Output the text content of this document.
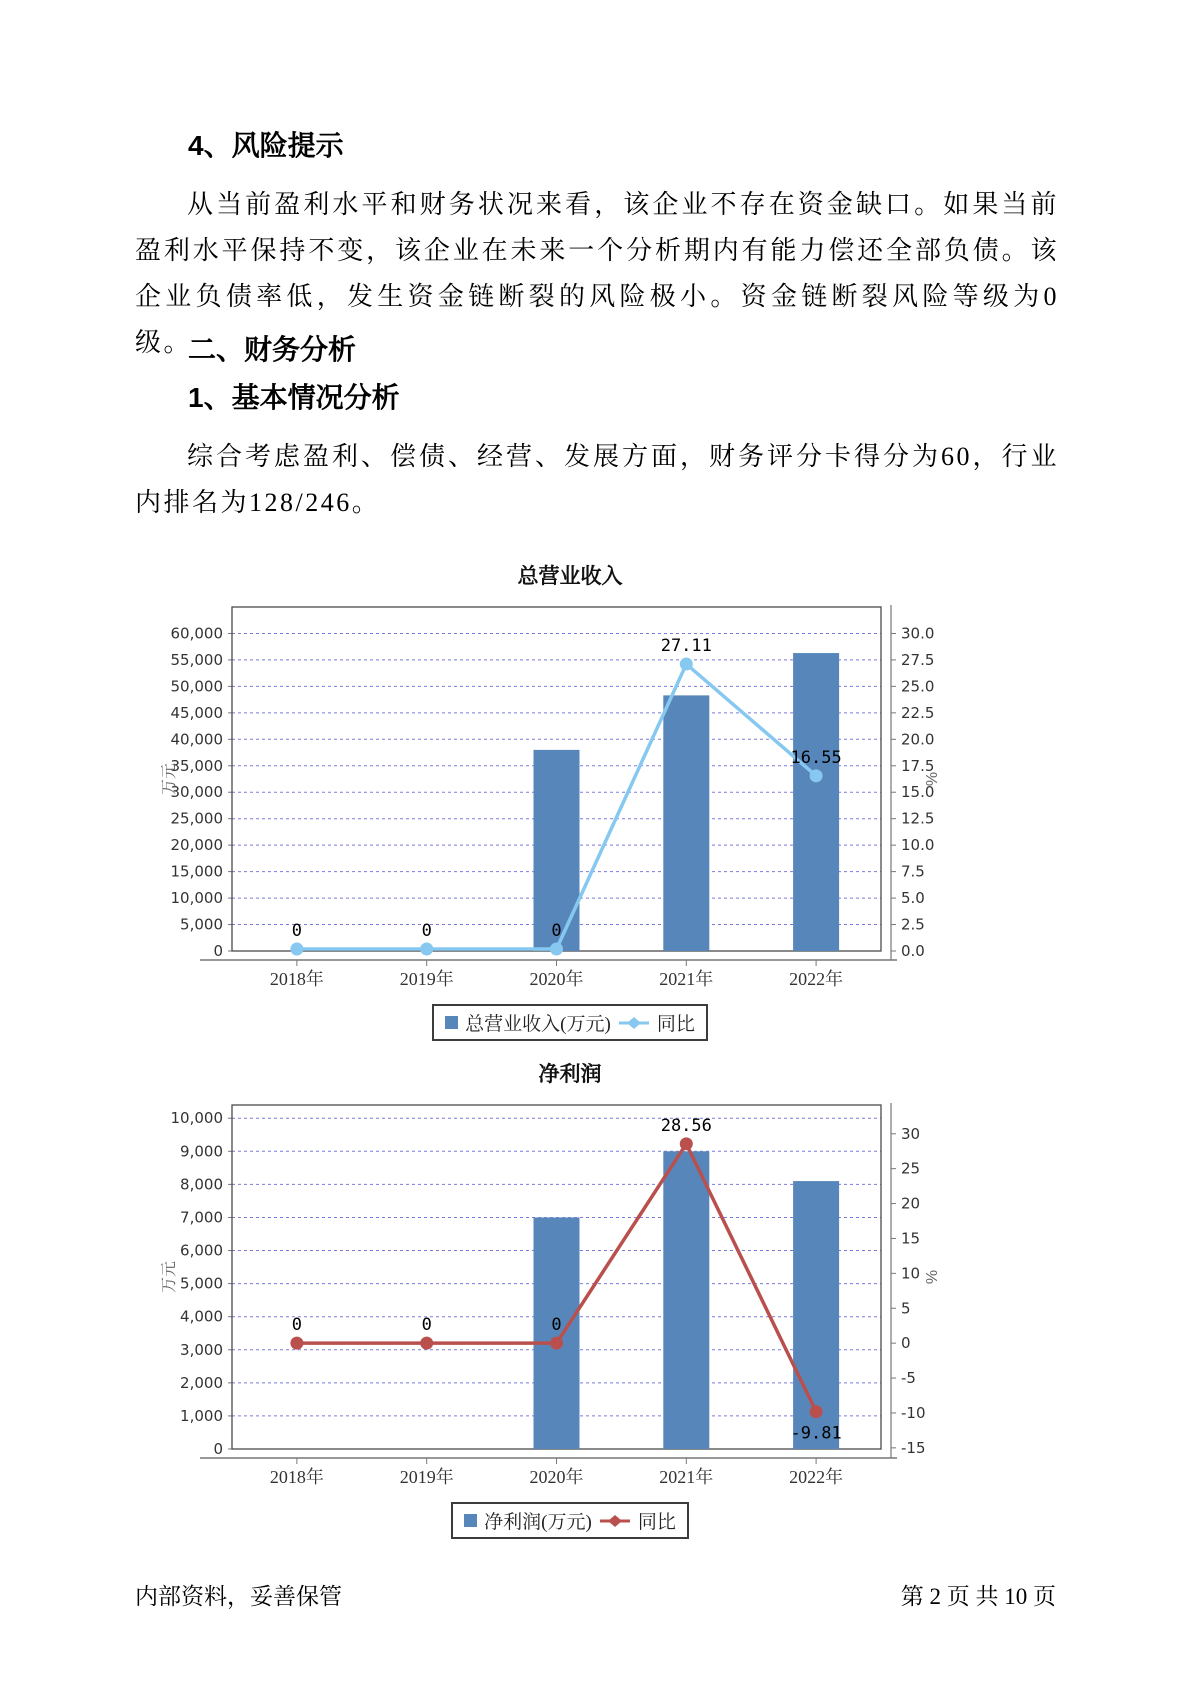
4、风险提示
从当前盈利水平和财务状况来看，该企业不存在资金缺口。如果当前盈利水平保持不变，该企业在未来一个分析期内有能力偿还全部负债。该企业负债率低，发生资金链断裂的风险极小。资金链断裂风险等级为0级。
二、财务分析
1、基本情况分析
综合考虑盈利、偿债、经营、发展方面，财务评分卡得分为60，行业内排名为128/246。
总营业收入
0
5,000
10,000
15,000
20,000
25,000
30,000
35,000
40,000
45,000
50,000
55,000
60,000
万元
2018年	2019年	2020年	2021年	2022年
0.0
2.5
5.0
7.5
10.0
12.5
15.0
17.5
20.0
22.5
25.0
27.5
30.0
%
0	0	0
27.11
16.55
总营业收入(万元) 同比
净利润
0
1,000
2,000
3,000
4,000
5,000
6,000
7,000
8,000
9,000
10,000
万元
2018年	2019年	2020年	2021年	2022年
-15
-10
-5
0
5
10
15
20
25
30
%
0	0	0
28.56
-9.81
净利润(万元) 同比
内部资料，妥善保管	第 2 页 共 10 页
